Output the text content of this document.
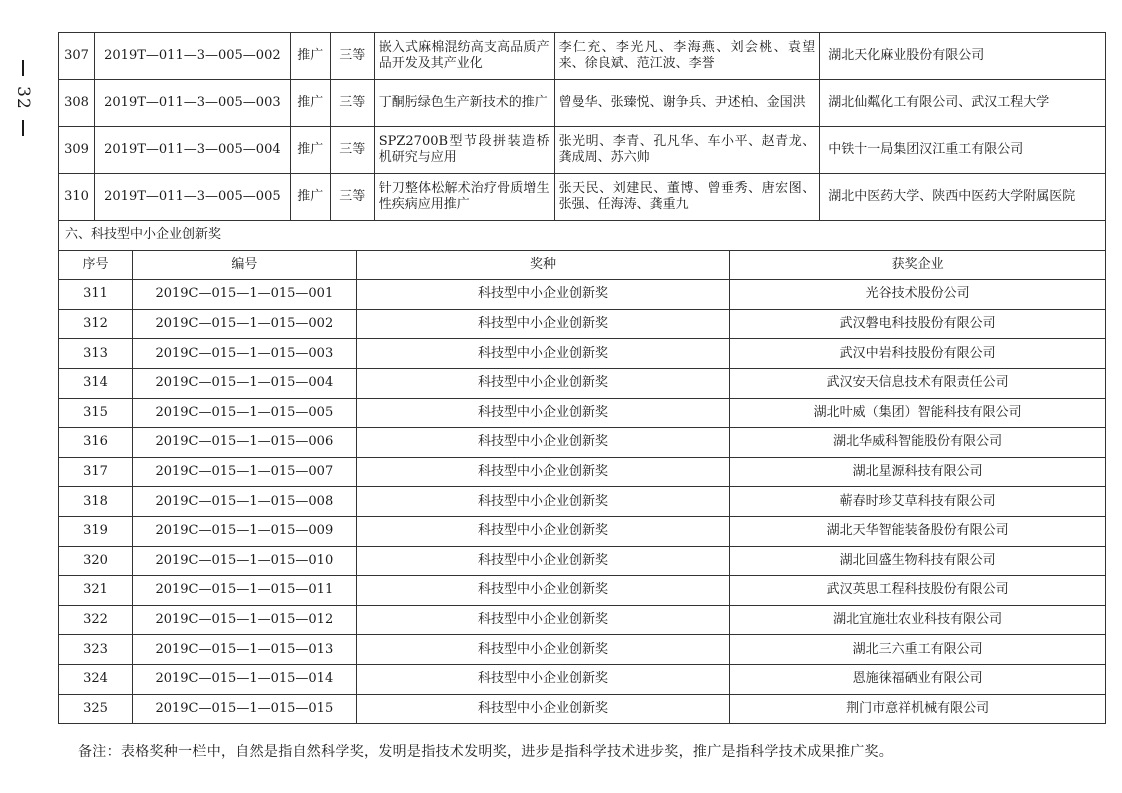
32
307	2019T—011—3—005—002	推广	三等	嵌入式麻棉混纺高支高品质产品开发及其产业化	李仁充、李光凡、李海燕、刘会桃、袁望来、徐良斌、范江波、李誉	湖北天化麻业股份有限公司
308	2019T—011—3—005—003	推广	三等	丁酮肟绿色生产新技术的推广	曾曼华、张臻悦、谢争兵、尹述柏、金国洪	湖北仙粼化工有限公司、武汉工程大学
309	2019T—011—3—005—004	推广	三等	SPZ2700B型节段拼装造桥机研究与应用	张光明、李青、孔凡华、车小平、赵青龙、龚成周、苏六帅	中铁十一局集团汉江重工有限公司
310	2019T—011—3—005—005	推广	三等	针刀整体松解术治疗骨质增生性疾病应用推广	张天民、刘建民、董博、曾垂秀、唐宏图、张强、任海涛、龚重九	湖北中医药大学、陕西中医药大学附属医院
六、科技型中小企业创新奖			
序号	编号	奖种	获奖企业
311	2019C—015—1—015—001	科技型中小企业创新奖	光谷技术股份公司
312	2019C—015—1—015—002	科技型中小企业创新奖	武汉磐电科技股份有限公司
313	2019C—015—1—015—003	科技型中小企业创新奖	武汉中岩科技股份有限公司
314	2019C—015—1—015—004	科技型中小企业创新奖	武汉安天信息技术有限责任公司
315	2019C—015—1—015—005	科技型中小企业创新奖	湖北叶威（集团）智能科技有限公司
316	2019C—015—1—015—006	科技型中小企业创新奖	湖北华威科智能股份有限公司
317	2019C—015—1—015—007	科技型中小企业创新奖	湖北星源科技有限公司
318	2019C—015—1—015—008	科技型中小企业创新奖	蕲春时珍艾草科技有限公司
319	2019C—015—1—015—009	科技型中小企业创新奖	湖北天华智能装备股份有限公司
320	2019C—015—1—015—010	科技型中小企业创新奖	湖北回盛生物科技有限公司
321	2019C—015—1—015—011	科技型中小企业创新奖	武汉英思工程科技股份有限公司
322	2019C—015—1—015—012	科技型中小企业创新奖	湖北宜施壮农业科技有限公司
323	2019C—015—1—015—013	科技型中小企业创新奖	湖北三六重工有限公司
324	2019C—015—1—015—014	科技型中小企业创新奖	恩施徕福硒业有限公司
325	2019C—015—1—015—015	科技型中小企业创新奖	荆门市意祥机械有限公司
备注：表格奖种一栏中，自然是指自然科学奖，发明是指技术发明奖，进步是指科学技术进步奖，推广是指科学技术成果推广奖。
